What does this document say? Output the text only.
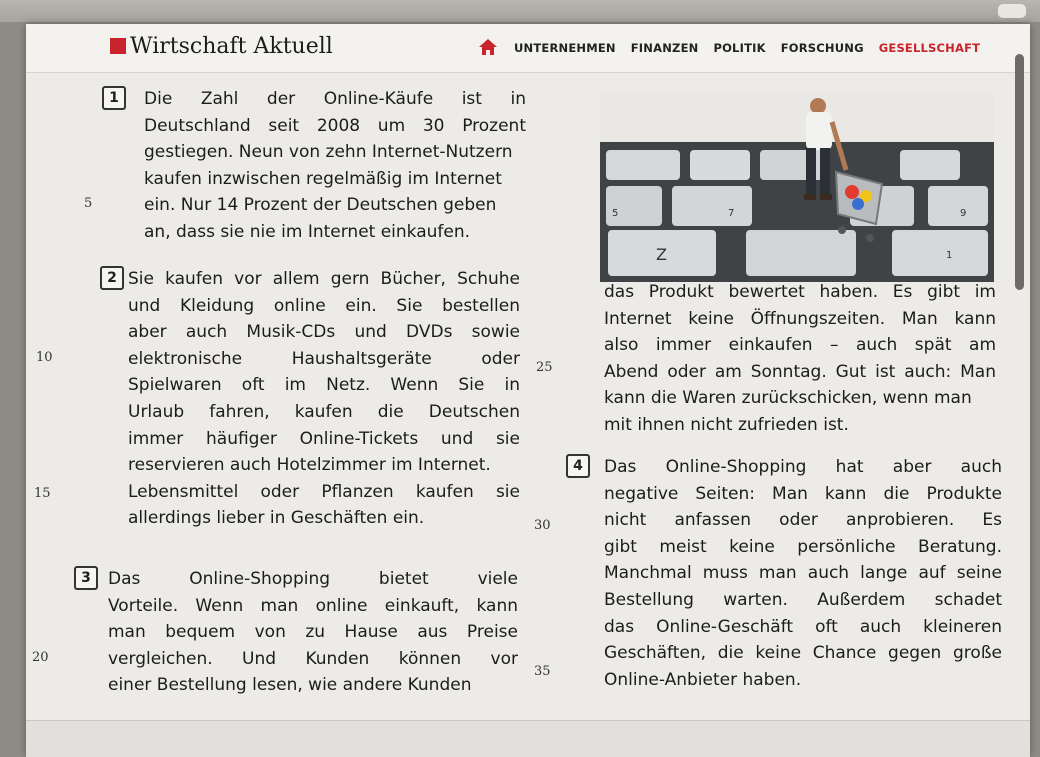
Wirtschaft Aktuell	UNTERNEHMEN FINANZEN POLITIK FORSCHUNG GESELLSCHAFT
Z
5	7	9
1
1	Die Zahl der Online-Käufe ist in
Deutschland seit 2008 um 30 Prozent
gestiegen. Neun von zehn Internet-Nutzern
kaufen inzwischen regelmäßig im Internet
ein. Nur 14 Prozent der Deutschen geben
an, dass sie nie im Internet einkaufen.
2 Sie kaufen vor allem gern Bücher, Schuhe
und Kleidung online ein. Sie bestellen
aber auch Musik-CDs und DVDs sowie
elektronische Haushaltsgeräte oder
Spielwaren oft im Netz. Wenn Sie in
Urlaub fahren, kaufen die Deutschen
immer häufiger Online-Tickets und sie
reservieren auch Hotelzimmer im Internet.
Lebensmittel oder Pflanzen kaufen sie
allerdings lieber in Geschäften ein.
3	Das Online-Shopping bietet viele
Vorteile. Wenn man online einkauft, kann
man bequem von zu Hause aus Preise
vergleichen. Und Kunden können vor
einer Bestellung lesen, wie andere Kunden
das Produkt bewertet haben. Es gibt im
Internet keine Öffnungszeiten. Man kann
also immer einkaufen – auch spät am
Abend oder am Sonntag. Gut ist auch: Man
kann die Waren zurückschicken, wenn man
mit ihnen nicht zufrieden ist.
4	Das Online-Shopping hat aber auch
negative Seiten: Man kann die Produkte
nicht anfassen oder anprobieren. Es
gibt meist keine persönliche Beratung.
Manchmal muss man auch lange auf seine
Bestellung warten. Außerdem schadet
das Online-Geschäft oft auch kleineren
Geschäften, die keine Chance gegen große
Online-Anbieter haben.
5
10
15
20
25
30
35
